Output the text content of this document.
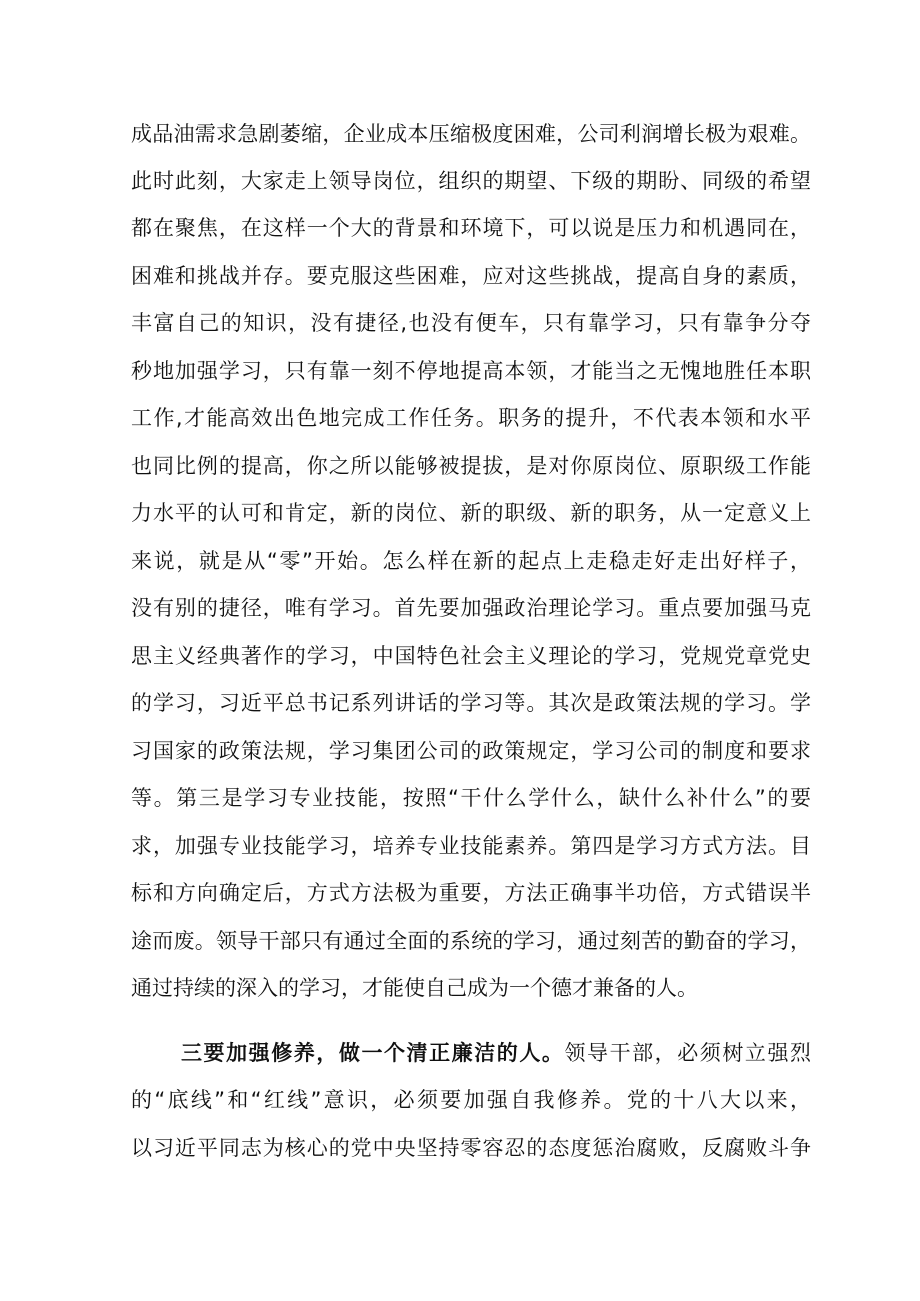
成品油需求急剧萎缩，企业成本压缩极度困难，公司利润增长极为艰难。
此时此刻，大家走上领导岗位，组织的期望、下级的期盼、同级的希望
都在聚焦，在这样一个大的背景和环境下，可以说是压力和机遇同在，
困难和挑战并存。要克服这些困难，应对这些挑战，提高自身的素质，
丰富自己的知识，没有捷径,也没有便车，只有靠学习，只有靠争分夺
秒地加强学习，只有靠一刻不停地提高本领，才能当之无愧地胜任本职
工作,才能高效出色地完成工作任务。职务的提升，不代表本领和水平
也同比例的提高，你之所以能够被提拔，是对你原岗位、原职级工作能
力水平的认可和肯定，新的岗位、新的职级、新的职务，从一定意义上
来说，就是从“零”开始。怎么样在新的起点上走稳走好走出好样子，
没有别的捷径，唯有学习。首先要加强政治理论学习。重点要加强马克
思主义经典著作的学习，中国特色社会主义理论的学习，党规党章党史
的学习，习近平总书记系列讲话的学习等。其次是政策法规的学习。学
习国家的政策法规，学习集团公司的政策规定，学习公司的制度和要求
等。第三是学习专业技能，按照“干什么学什么，缺什么补什么”的要
求，加强专业技能学习，培养专业技能素养。第四是学习方式方法。目
标和方向确定后，方式方法极为重要，方法正确事半功倍，方式错误半
途而废。领导干部只有通过全面的系统的学习，通过刻苦的勤奋的学习，
通过持续的深入的学习，才能使自己成为一个德才兼备的人。
三要加强修养，做一个清正廉洁的人。领导干部，必须树立强烈
的“底线”和“红线”意识，必须要加强自我修养。党的十八大以来，
以习近平同志为核心的党中央坚持零容忍的态度惩治腐败，反腐败斗争
